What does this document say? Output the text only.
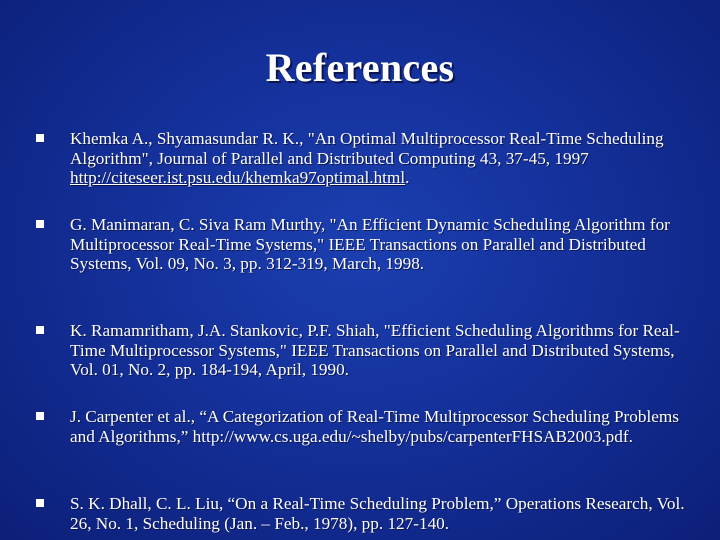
References
Khemka A., Shyamasundar R. K., "An Optimal Multiprocessor Real-Time Scheduling Algorithm", Journal of Parallel and Distributed Computing 43, 37-45, 1997 http://citeseer.ist.psu.edu/khemka97optimal.html.
G. Manimaran, C. Siva Ram Murthy, "An Efficient Dynamic Scheduling Algorithm for Multiprocessor Real-Time Systems," IEEE Transactions on Parallel and Distributed Systems, Vol. 09, No. 3, pp. 312-319, March, 1998.
K. Ramamritham, J.A. Stankovic, P.F. Shiah, "Efficient Scheduling Algorithms for Real-Time Multiprocessor Systems," IEEE Transactions on Parallel and Distributed Systems, Vol. 01, No. 2, pp. 184-194, April, 1990.
J. Carpenter et al., “A Categorization of Real-Time Multiprocessor Scheduling Problems and Algorithms,” http://www.cs.uga.edu/~shelby/pubs/carpenterFHSAB2003.pdf.
S. K. Dhall, C. L. Liu, “On a Real-Time Scheduling Problem,” Operations Research, Vol. 26, No. 1, Scheduling (Jan. – Feb., 1978), pp. 127-140.
